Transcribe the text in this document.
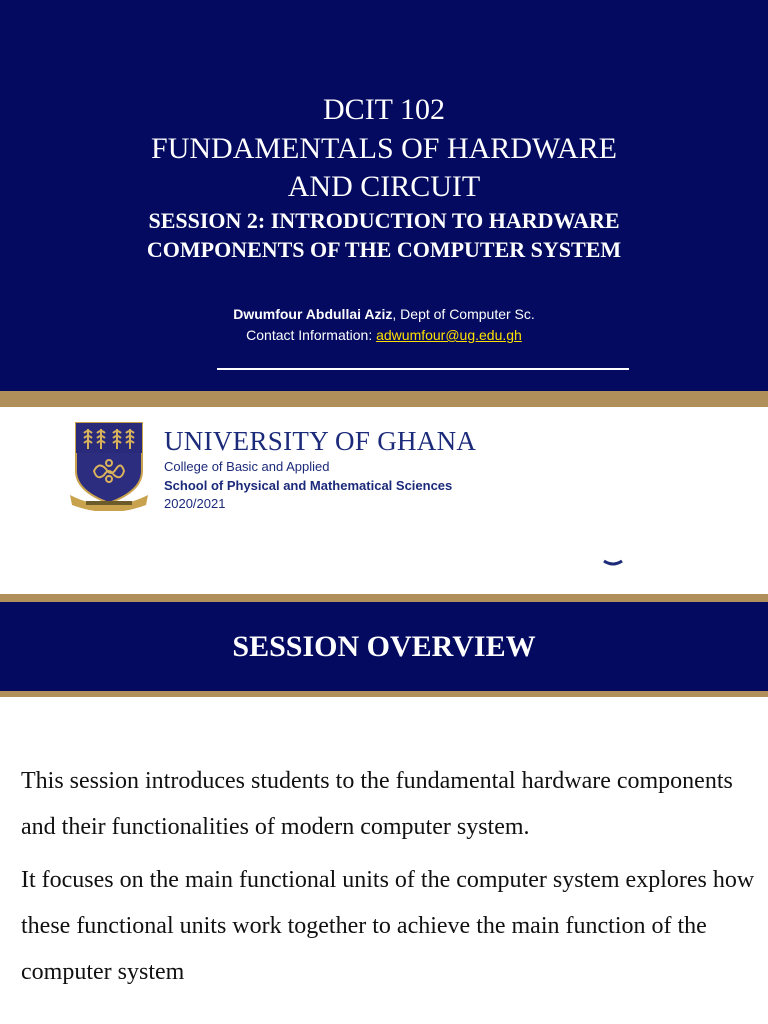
DCIT 102
FUNDAMENTALS OF HARDWARE
AND CIRCUIT
SESSION 2: INTRODUCTION TO HARDWARE
COMPONENTS OF THE COMPUTER SYSTEM
Dwumfour Abdullai Aziz, Dept of Computer Sc.
Contact Information: adwumfour@ug.edu.gh
UNIVERSITY OF GHANA
College of Basic and Applied
School of Physical and Mathematical Sciences
2020/2021
SESSION OVERVIEW
This session introduces students to the fundamental hardware components and their functionalities of modern computer system.
It focuses on the main functional units of the computer system explores how these functional units work together to achieve the main function of the computer system
